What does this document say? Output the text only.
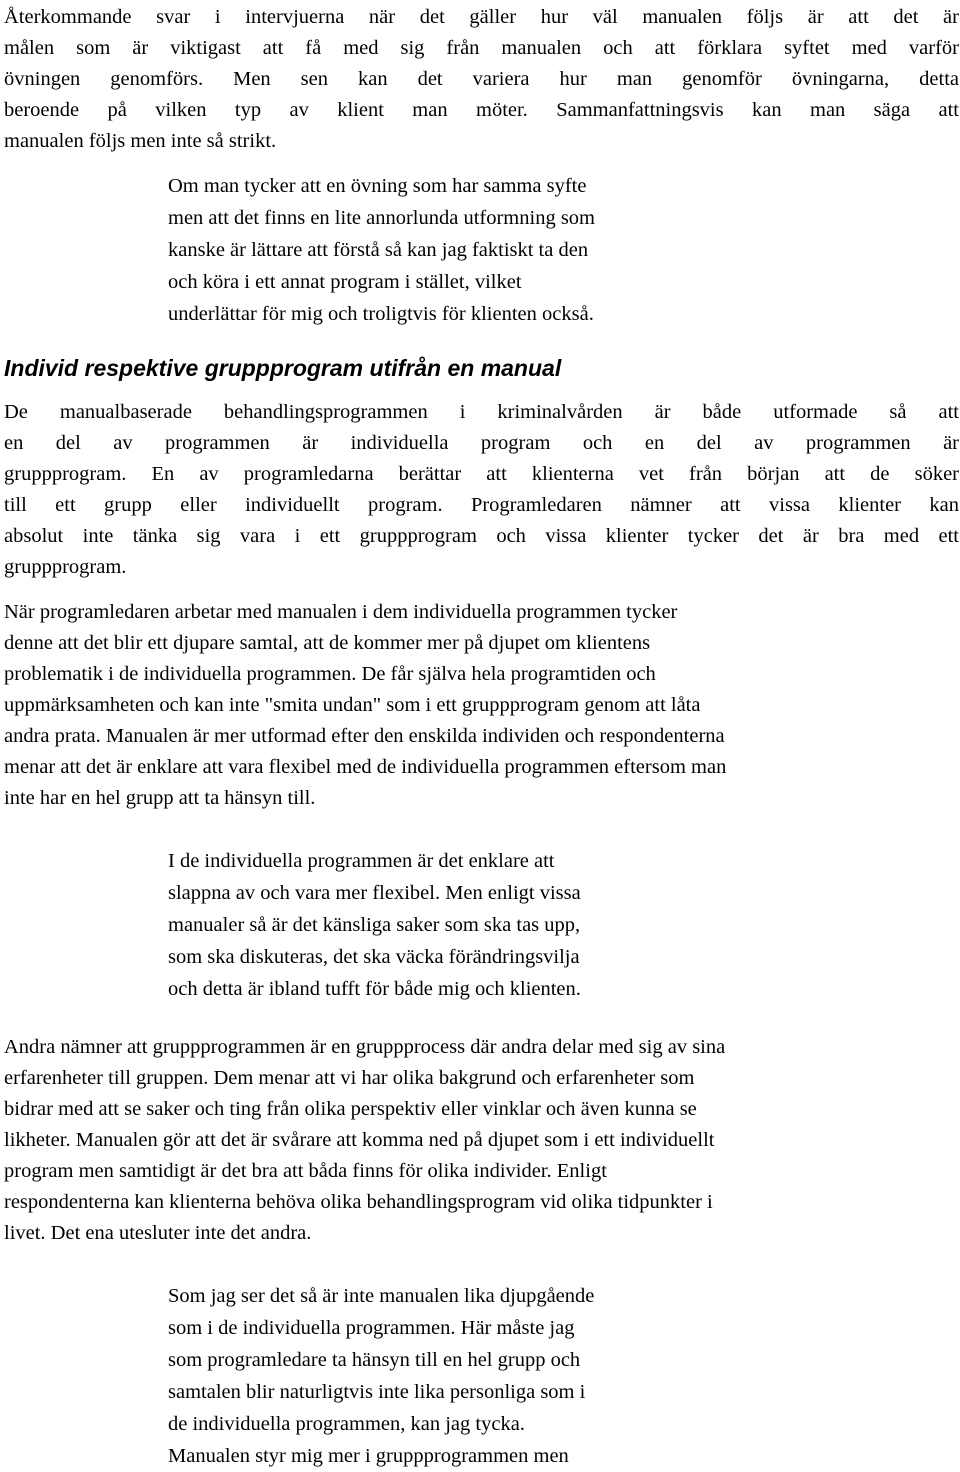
Återkommande svar i intervjuerna när det gäller hur väl manualen följs är att det är
målen som är viktigast att få med sig från manualen och att förklara syftet med varför
övningen genomförs. Men sen kan det variera hur man genomför övningarna, detta
beroende på vilken typ av klient man möter. Sammanfattningsvis kan man säga att
manualen följs men inte så strikt.
Om man tycker att en övning som har samma syfte
men att det finns en lite annorlunda utformning som
kanske är lättare att förstå så kan jag faktiskt ta den
och köra i ett annat program i stället, vilket
underlättar för mig och troligtvis för klienten också.
Individ respektive gruppprogram utifrån en manual
De manualbaserade behandlingsprogrammen i kriminalvården är både utformade så att
en del av programmen är individuella program och en del av programmen är
gruppprogram. En av programledarna berättar att klienterna vet från början att de söker
till ett grupp eller individuellt program. Programledaren nämner att vissa klienter kan
absolut inte tänka sig vara i ett gruppprogram och vissa klienter tycker det är bra med ett
gruppprogram.
När programledaren arbetar med manualen i dem individuella programmen tycker
denne att det blir ett djupare samtal, att de kommer mer på djupet om klientens
problematik i de individuella programmen. De får själva hela programtiden och
uppmärksamheten och kan inte "smita undan" som i ett gruppprogram genom att låta
andra prata. Manualen är mer utformad efter den enskilda individen och respondenterna
menar att det är enklare att vara flexibel med de individuella programmen eftersom man
inte har en hel grupp att ta hänsyn till.
I de individuella programmen är det enklare att
slappna av och vara mer flexibel. Men enligt vissa
manualer så är det känsliga saker som ska tas upp,
som ska diskuteras, det ska väcka förändringsvilja
och detta är ibland tufft för både mig och klienten.
Andra nämner att gruppprogrammen är en gruppprocess där andra delar med sig av sina
erfarenheter till gruppen. Dem menar att vi har olika bakgrund och erfarenheter som
bidrar med att se saker och ting från olika perspektiv eller vinklar och även kunna se
likheter. Manualen gör att det är svårare att komma ned på djupet som i ett individuellt
program men samtidigt är det bra att båda finns för olika individer. Enligt
respondenterna kan klienterna behöva olika behandlingsprogram vid olika tidpunkter i
livet. Det ena utesluter inte det andra.
Som jag ser det så är inte manualen lika djupgående
som i de individuella programmen. Här måste jag
som programledare ta hänsyn till en hel grupp och
samtalen blir naturligtvis inte lika personliga som i
de individuella programmen, kan jag tycka.
Manualen styr mig mer i gruppprogrammen men
